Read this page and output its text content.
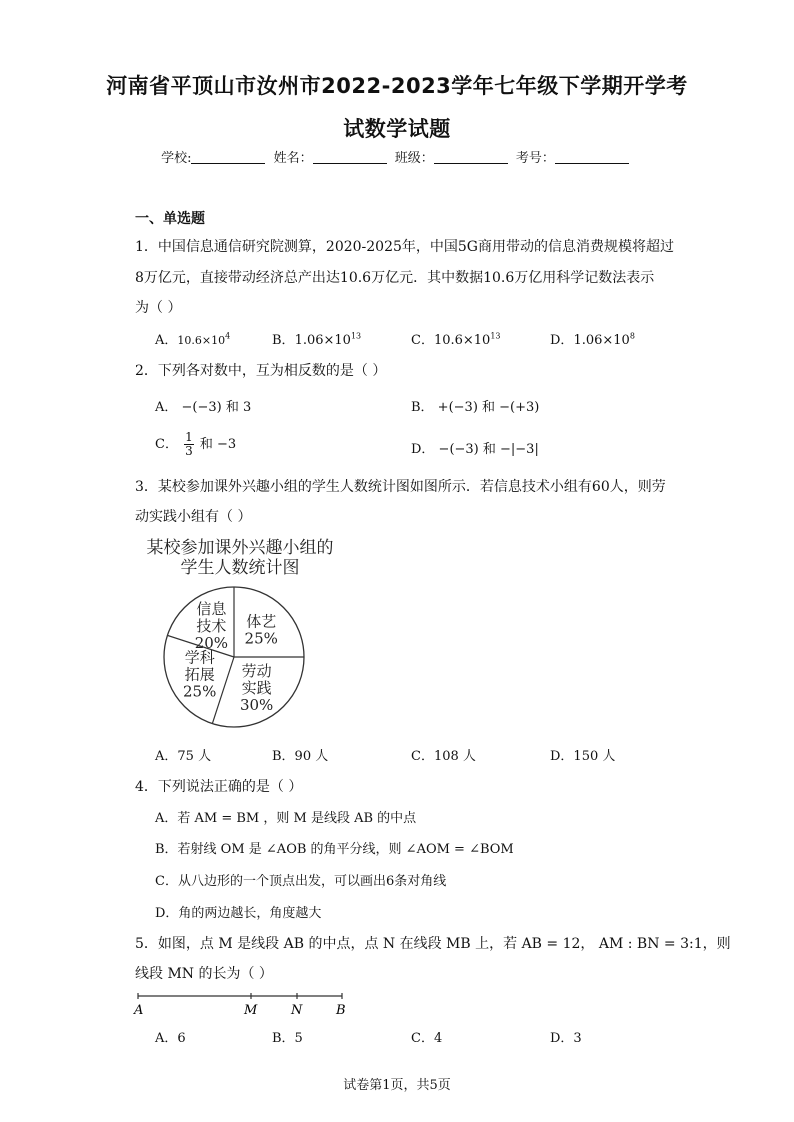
河南省平顶山市汝州市2022-2023学年七年级下学期开学考
试数学试题
学校:	姓名：	班级：	考号：
一、单选题
1．中国信息通信研究院测算，2020-2025年，中国5G商用带动的信息消费规模将超过
8万亿元，直接带动经济总产出达10.6万亿元．其中数据10.6万亿用科学记数法表示
为（ ）
A．$10.6\times 10^4$	B．$1.06\times 10^{13}$	C．$10.6\times 10^{13}$	D．$1.06\times 10^8$
2．下列各对数中，互为相反数的是（ ）
A． −(−3) 和 3	B． +(−3) 和 −(+3)
C． $\frac{1}{3}$ 和 −3	D． −(−3) 和 −|−3|
3．某校参加课外兴趣小组的学生人数统计图如图所示．若信息技术小组有60人，则劳
动实践小组有（ ）
某校参加课外兴趣小组的
学生人数统计图
体艺 25%
劳动实践 30%
学科拓展 25%
信息技术 20%
A．75 人	B．90 人	C．108 人	D．150 人
4．下列说法正确的是（ ）
A．若 AM = BM ，则 M 是线段 AB 的中点
B．若射线 OM 是 ∠AOB 的角平分线，则 ∠AOM = ∠BOM
C．从八边形的一个顶点出发，可以画出6条对角线
D．角的两边越长，角度越大
5．如图，点 M 是线段 AB 的中点，点 N 在线段 MB 上，若 AB = 12， AM : BN = 3:1，则
线段 MN 的长为（ ）
A	M	N	B
A．6	B．5	C．4	D．3
试卷第1页，共5页
